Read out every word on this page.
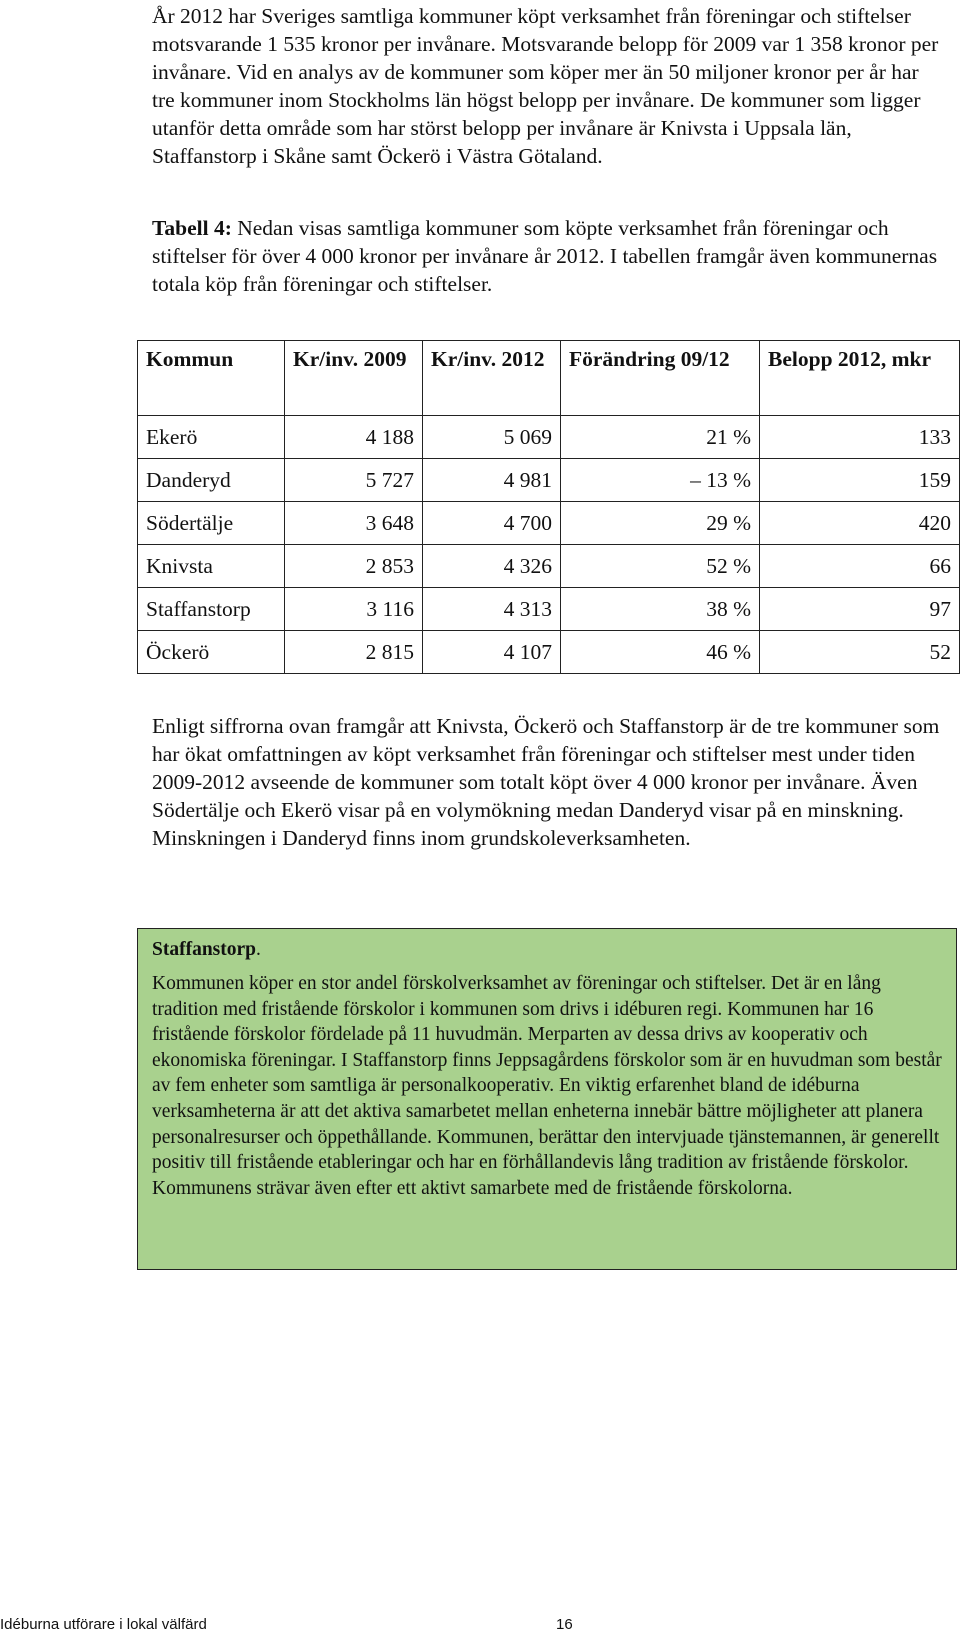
År 2012 har Sveriges samtliga kommuner köpt verksamhet från föreningar och stiftelser motsvarande 1 535 kronor per invånare. Motsvarande belopp för 2009 var 1 358 kronor per invånare. Vid en analys av de kommuner som köper mer än 50 miljoner kronor per år har tre kommuner inom Stockholms län högst belopp per invånare. De kommuner som ligger utanför detta område som har störst belopp per invånare är Knivsta i Uppsala län, Staffanstorp i Skåne samt Öckerö i Västra Götaland.

Tabell 4: Nedan visas samtliga kommuner som köpte verksamhet från föreningar och stiftelser för över 4 000 kronor per invånare år 2012. I tabellen framgår även kommunernas totala köp från föreningar och stiftelser.

Kommun	Kr/inv. 2009	Kr/inv. 2012	Förändring 09/12	Belopp 2012, mkr
Ekerö	4 188	5 069	21 %	133
Danderyd	5 727	4 981	– 13 %	159
Södertälje	3 648	4 700	29 %	420
Knivsta	2 853	4 326	52 %	66
Staffanstorp	3 116	4 313	38 %	97
Öckerö	2 815	4 107	46 %	52

Enligt siffrorna ovan framgår att Knivsta, Öckerö och Staffanstorp är de tre kommuner som har ökat omfattningen av köpt verksamhet från föreningar och stiftelser mest under tiden 2009-2012 avseende de kommuner som totalt köpt över 4 000 kronor per invånare. Även Södertälje och Ekerö visar på en volymökning medan Danderyd visar på en minskning. Minskningen i Danderyd finns inom grundskoleverksamheten.

Staffanstorp.

Kommunen köper en stor andel förskolverksamhet av föreningar och stiftelser. Det är en lång tradition med fristående förskolor i kommunen som drivs i idéburen regi. Kommunen har 16 fristående förskolor fördelade på 11 huvudmän. Merparten av dessa drivs av kooperativ och ekonomiska föreningar. I Staffanstorp finns Jeppsagårdens förskolor som är en huvudman som består av fem enheter som samtliga är personalkooperativ. En viktig erfarenhet bland de idéburna verksamheterna är att det aktiva samarbetet mellan enheterna innebär bättre möjligheter att planera personalresurser och öppethållande. Kommunen, berättar den intervjuade tjänstemannen, är generellt positiv till fristående etableringar och har en förhållandevis lång tradition av fristående förskolor. Kommunens strävar även efter ett aktivt samarbete med de fristående förskolorna.

Idéburna utförare i lokal välfärd	16
